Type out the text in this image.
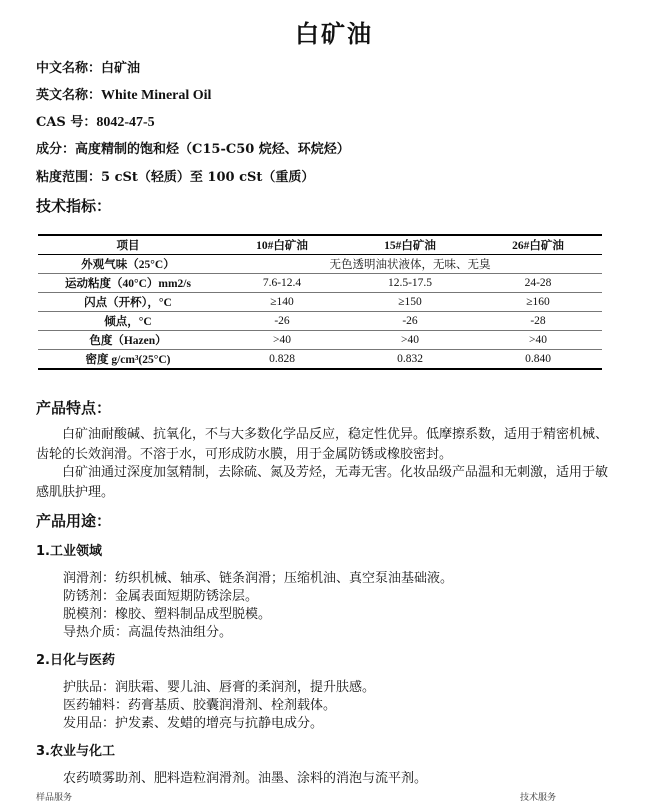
白矿油
中文名称：白矿油
英文名称：White Mineral Oil
CAS 号：8042-47-5
成分：高度精制的饱和烃（C15-C50 烷烃、环烷烃）
粘度范围：5 cSt（轻质）至 100 cSt（重质）
技术指标：
项目	10#白矿油	15#白矿油	26#白矿油
外观气味（25°C）	无色透明油状液体，无味、无臭		
运动粘度（40°C）mm2/s	7.6-12.4	12.5-17.5	24-28
闪点（开杯），°C	≥140	≥150	≥160
倾点，°C	-26	-26	-28
色度（Hazen）	>40	>40	>40
密度 g/cm³(25°C)	0.828	0.832	0.840
产品特点：
白矿油耐酸碱、抗氧化，不与大多数化学品反应，稳定性优异。低摩擦系数，适用于精密机械、齿轮的长效润滑。不溶于水，可形成防水膜，用于金属防锈或橡胶密封。
白矿油通过深度加氢精制，去除硫、氮及芳烃，无毒无害。化妆品级产品温和无刺激，适用于敏感肌肤护理。
产品用途：
1.工业领域
润滑剂：纺织机械、轴承、链条润滑；压缩机油、真空泵油基础液。
防锈剂：金属表面短期防锈涂层。
脱模剂：橡胶、塑料制品成型脱模。
导热介质：高温传热油组分。
2.日化与医药
护肤品：润肤霜、婴儿油、唇膏的柔润剂，提升肤感。
医药辅料：药膏基质、胶囊润滑剂、栓剂载体。
发用品：护发素、发蜡的增亮与抗静电成分。
3.农业与化工
农药喷雾助剂、肥料造粒润滑剂。油墨、涂料的消泡与流平剂。
样品服务	技术服务
